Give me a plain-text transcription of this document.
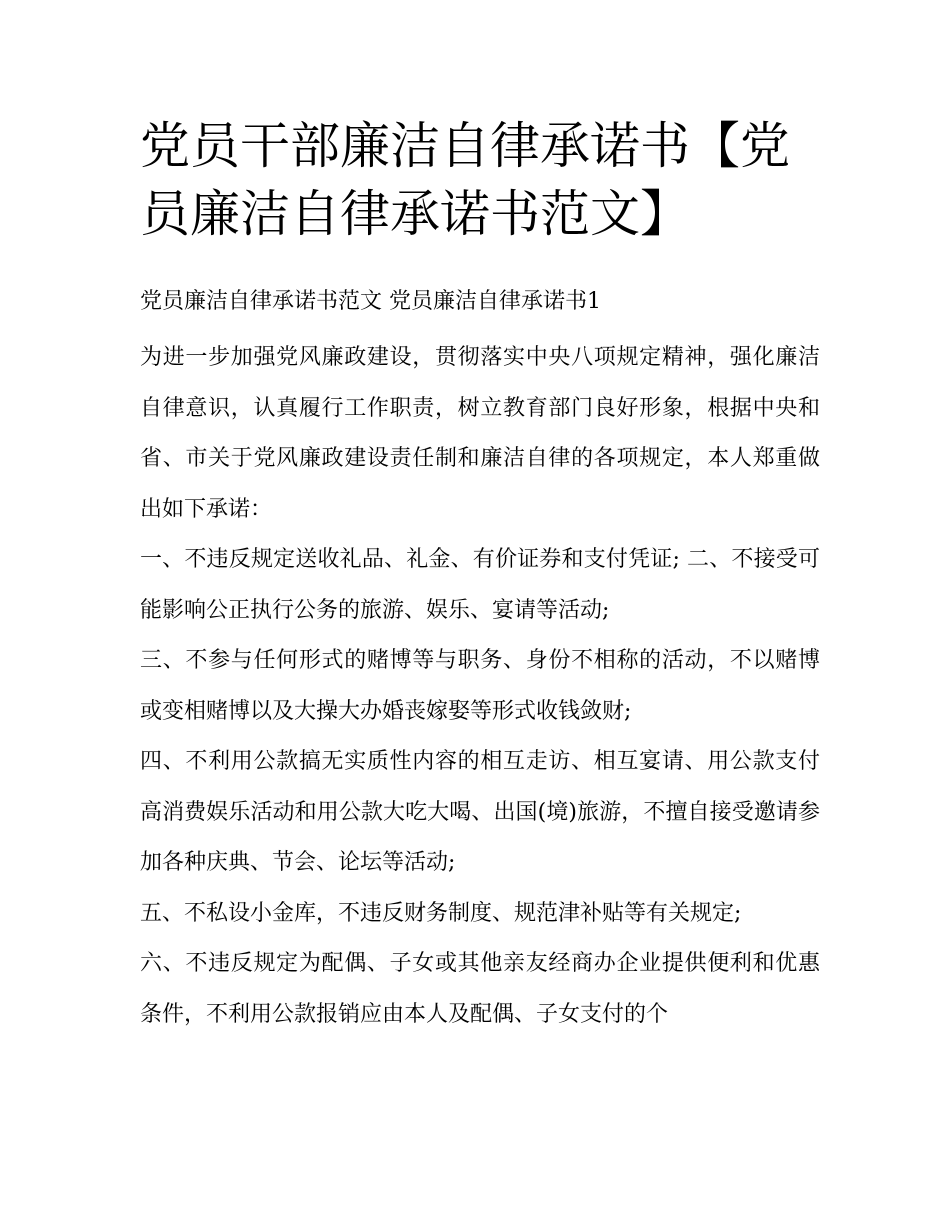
党员干部廉洁自律承诺书【党员廉洁自律承诺书范文】
党员廉洁自律承诺书范文 党员廉洁自律承诺书1

为进一步加强党风廉政建设，贯彻落实中央八项规定精神，强化廉洁自律意识，认真履行工作职责，树立教育部门良好形象，根据中央和省、市关于党风廉政建设责任制和廉洁自律的各项规定，本人郑重做出如下承诺：

一、不违反规定送收礼品、礼金、有价证券和支付凭证; 二、不接受可能影响公正执行公务的旅游、娱乐、宴请等活动;

三、不参与任何形式的赌博等与职务、身份不相称的活动，不以赌博或变相赌博以及大操大办婚丧嫁娶等形式收钱敛财;

四、不利用公款搞无实质性内容的相互走访、相互宴请、用公款支付高消费娱乐活动和用公款大吃大喝、出国(境)旅游，不擅自接受邀请参加各种庆典、节会、论坛等活动;

五、不私设小金库，不违反财务制度、规范津补贴等有关规定;

六、不违反规定为配偶、子女或其他亲友经商办企业提供便利和优惠条件，不利用公款报销应由本人及配偶、子女支付的个
